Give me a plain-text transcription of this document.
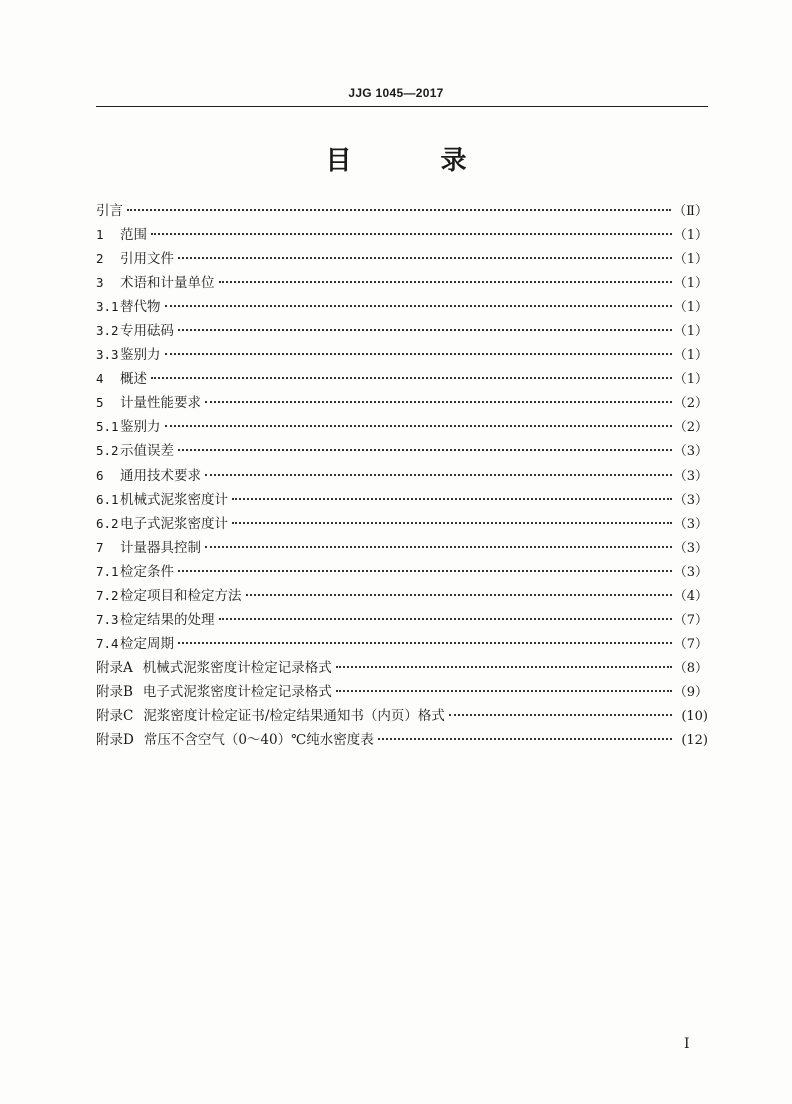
JJG 1045—2017
目 录
引言	（Ⅱ）
1 范围	（1）
2 引用文件	（1）
3 术语和计量单位	（1）
3.1替代物	（1）
3.2专用砝码	（1）
3.3鉴别力	（1）
4 概述	（1）
5 计量性能要求	（2）
5.1鉴别力	（2）
5.2示值误差	（3）
6 通用技术要求	（3）
6.1机械式泥浆密度计	（3）
6.2电子式泥浆密度计	（3）
7 计量器具控制	（3）
7.1检定条件	（3）
7.2检定项目和检定方法	（4）
7.3检定结果的处理	（7）
7.4检定周期	（7）
附录A 机械式泥浆密度计检定记录格式	（8）
附录B 电子式泥浆密度计检定记录格式	（9）
附录C 泥浆密度计检定证书/检定结果通知书（内页）格式	(10)
附录D 常压不含空气（0～40）℃纯水密度表	(12)
I
